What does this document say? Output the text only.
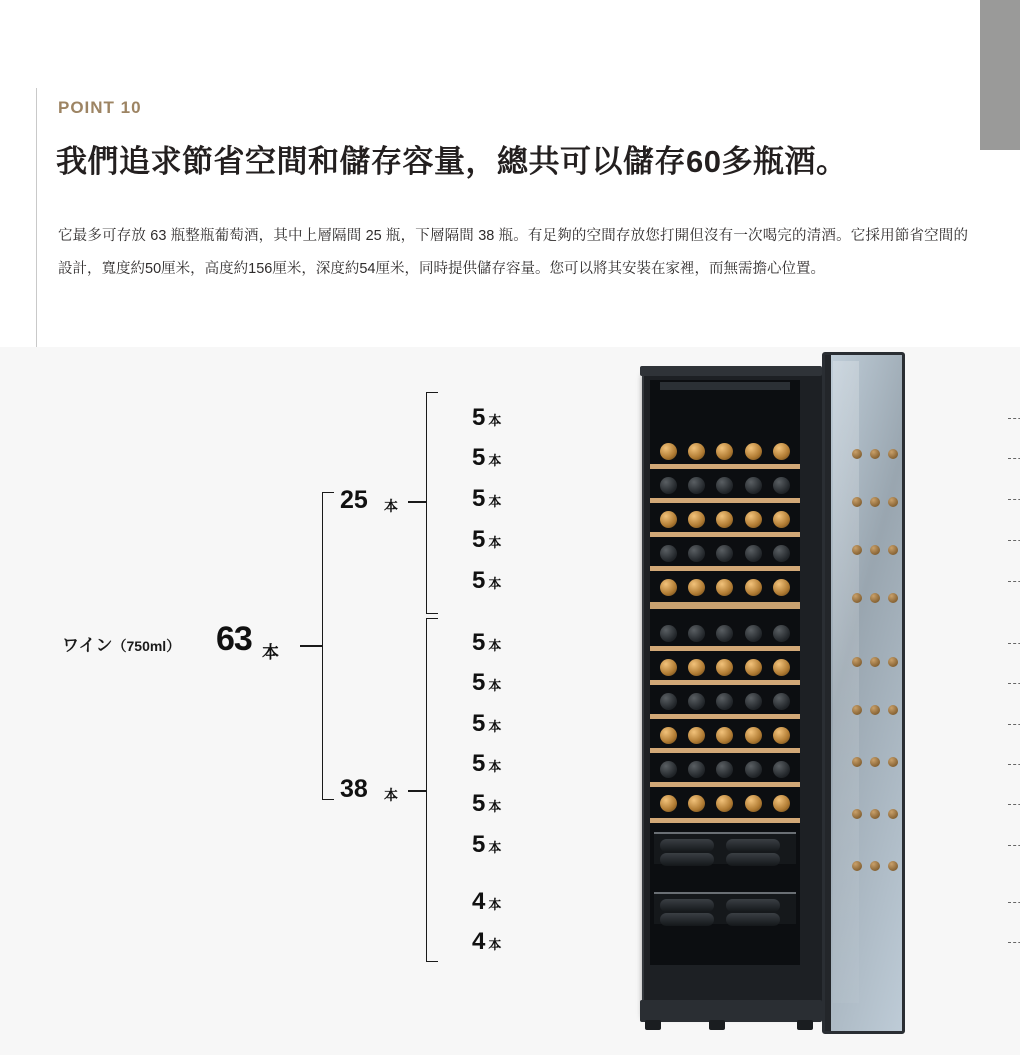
POINT 10
我們追求節省空間和儲存容量，總共可以儲存60多瓶酒。
它最多可存放 63 瓶整瓶葡萄酒，其中上層隔間 25 瓶，下層隔間 38 瓶。有足夠的空間存放您打開但沒有一次喝完的清酒。它採用節省空間的設計，寬度約50厘米，高度約156厘米，深度約54厘米，同時提供儲存容量。您可以將其安裝在家裡，而無需擔心位置。
ワイン（750ml） 63 本
25 本
38 本
5 本
5 本
5 本
5 本
5 本
5 本
5 本
5 本
5 本
5 本
5 本
4 本
4 本
